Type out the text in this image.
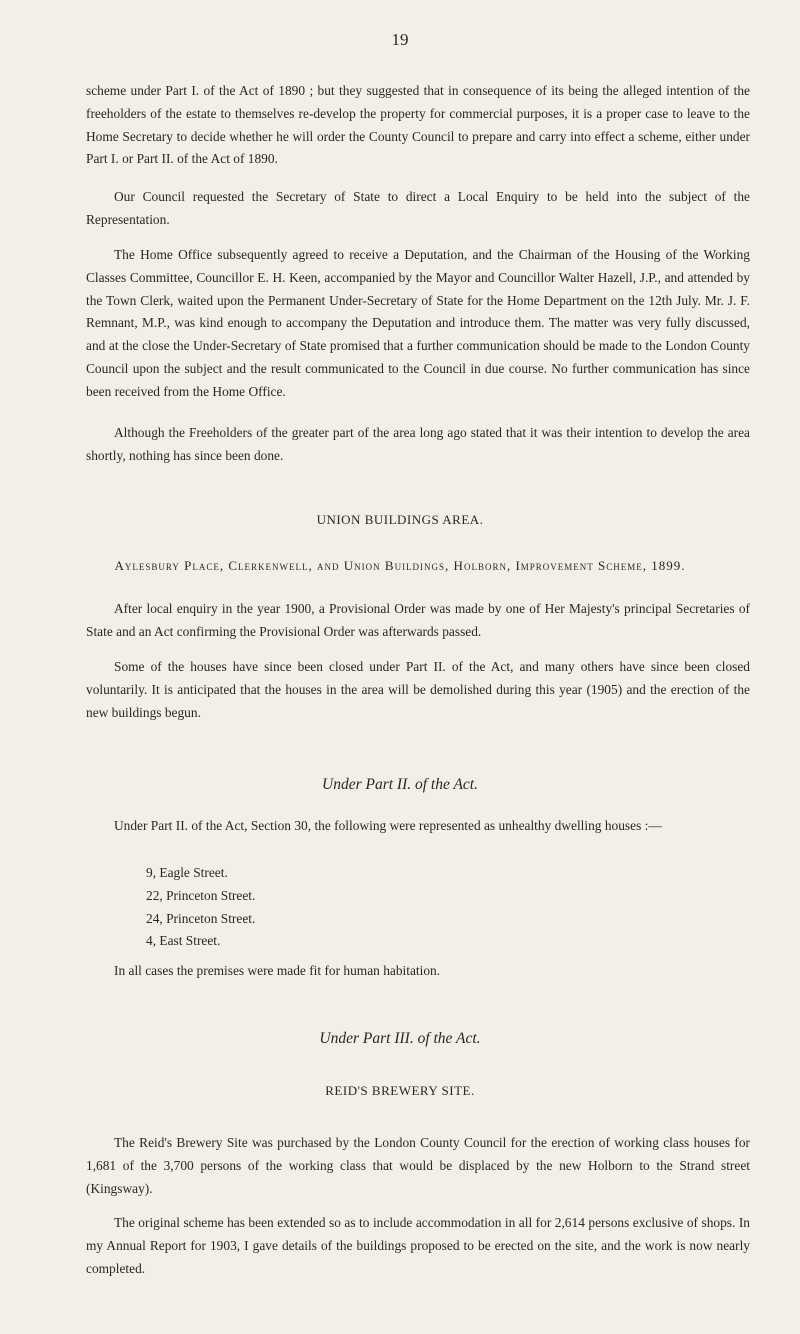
19

scheme under Part I. of the Act of 1890 ; but they suggested that in consequence of its being the alleged intention of the freeholders of the estate to themselves re-develop the property for commercial purposes, it is a proper case to leave to the Home Secretary to decide whether he will order the County Council to prepare and carry into effect a scheme, either under Part I. or Part II. of the Act of 1890.

Our Council requested the Secretary of State to direct a Local Enquiry to be held into the subject of the Representation.

The Home Office subsequently agreed to receive a Deputation, and the Chairman of the Housing of the Working Classes Committee, Councillor E. H. Keen, accompanied by the Mayor and Councillor Walter Hazell, J.P., and attended by the Town Clerk, waited upon the Permanent Under-Secretary of State for the Home Department on the 12th July. Mr. J. F. Remnant, M.P., was kind enough to accompany the Deputation and introduce them. The matter was very fully discussed, and at the close the Under-Secretary of State promised that a further communication should be made to the London County Council upon the subject and the result communicated to the Council in due course. No further communication has since been received from the Home Office.

Although the Freeholders of the greater part of the area long ago stated that it was their intention to develop the area shortly, nothing has since been done.

UNION BUILDINGS AREA.

Aylesbury Place, Clerkenwell, and Union Buildings, Holborn, Improvement Scheme, 1899.

After local enquiry in the year 1900, a Provisional Order was made by one of Her Majesty's principal Secretaries of State and an Act confirming the Provisional Order was afterwards passed.

Some of the houses have since been closed under Part II. of the Act, and many others have since been closed voluntarily. It is anticipated that the houses in the area will be demolished during this year (1905) and the erection of the new buildings begun.

Under Part II. of the Act.

Under Part II. of the Act, Section 30, the following were represented as unhealthy dwelling houses :—

9, Eagle Street.
22, Princeton Street.
24, Princeton Street.
4, East Street.

In all cases the premises were made fit for human habitation.

Under Part III. of the Act.

REID'S BREWERY SITE.

The Reid's Brewery Site was purchased by the London County Council for the erection of working class houses for 1,681 of the 3,700 persons of the working class that would be displaced by the new Holborn to the Strand street (Kingsway).

The original scheme has been extended so as to include accommodation in all for 2,614 persons exclusive of shops. In my Annual Report for 1903, I gave details of the buildings proposed to be erected on the site, and the work is now nearly completed.
